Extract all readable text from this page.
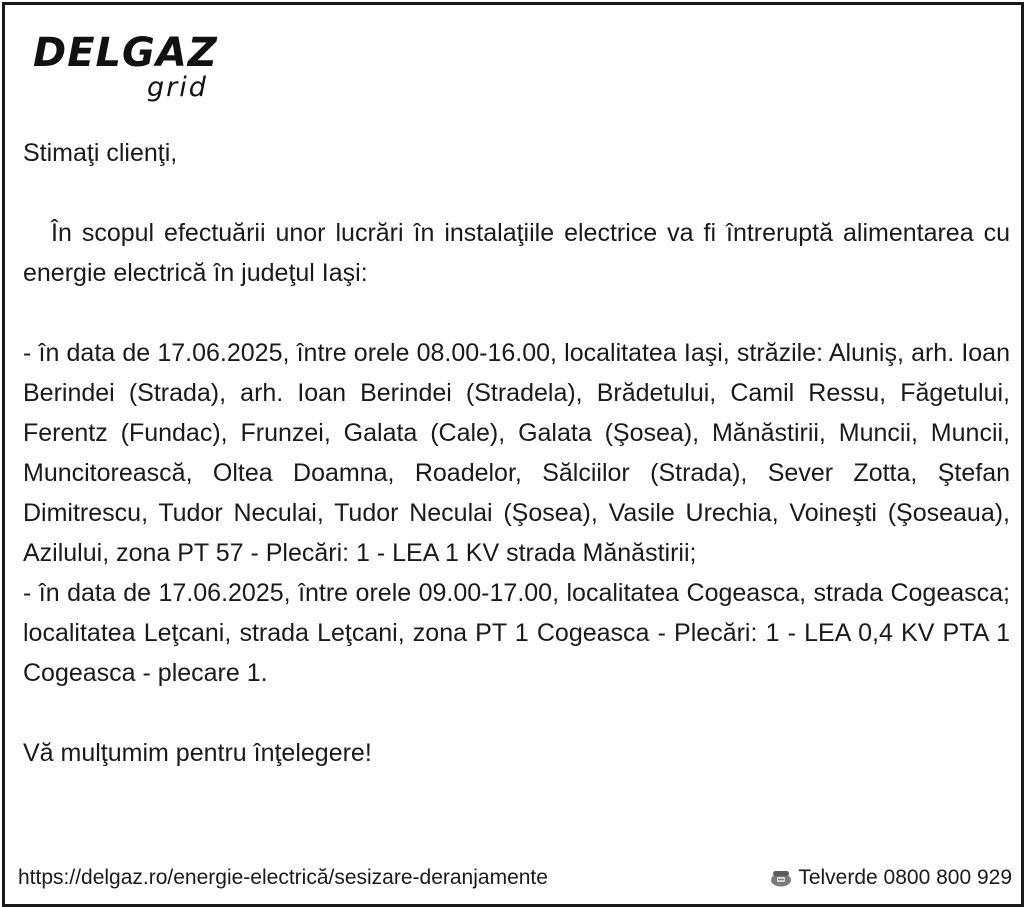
DELGAZ
grid

Stimaţi clienţi,

În scopul efectuării unor lucrări în instalaţiile electrice va fi întreruptă alimentarea cu energie electrică în judeţul Iaşi:

- în data de 17.06.2025, între orele 08.00-16.00, localitatea Iaşi, străzile: Aluniş, arh. Ioan Berindei (Strada), arh. Ioan Berindei (Stradela), Brădetului, Camil Ressu, Făgetului, Ferentz (Fundac), Frunzei, Galata (Cale), Galata (Şosea), Mănăstirii, Muncii, Muncii, Muncitorească, Oltea Doamna, Roadelor, Sălciilor (Strada), Sever Zotta, Ştefan Dimitrescu, Tudor Neculai, Tudor Neculai (Şosea), Vasile Urechia, Voineşti (Şoseaua), Azilului, zona PT 57 - Plecări: 1 - LEA 1 KV strada Mănăstirii;

- în data de 17.06.2025, între orele 09.00-17.00, localitatea Cogeasca, strada Cogeasca; localitatea Leţcani, strada Leţcani, zona PT 1 Cogeasca - Plecări: 1 - LEA 0,4 KV PTA 1 Cogeasca - plecare 1.

Vă mulţumim pentru înţelegere!

https://delgaz.ro/energie-electrică/sesizare-deranjamente	Telverde 0800 800 929
